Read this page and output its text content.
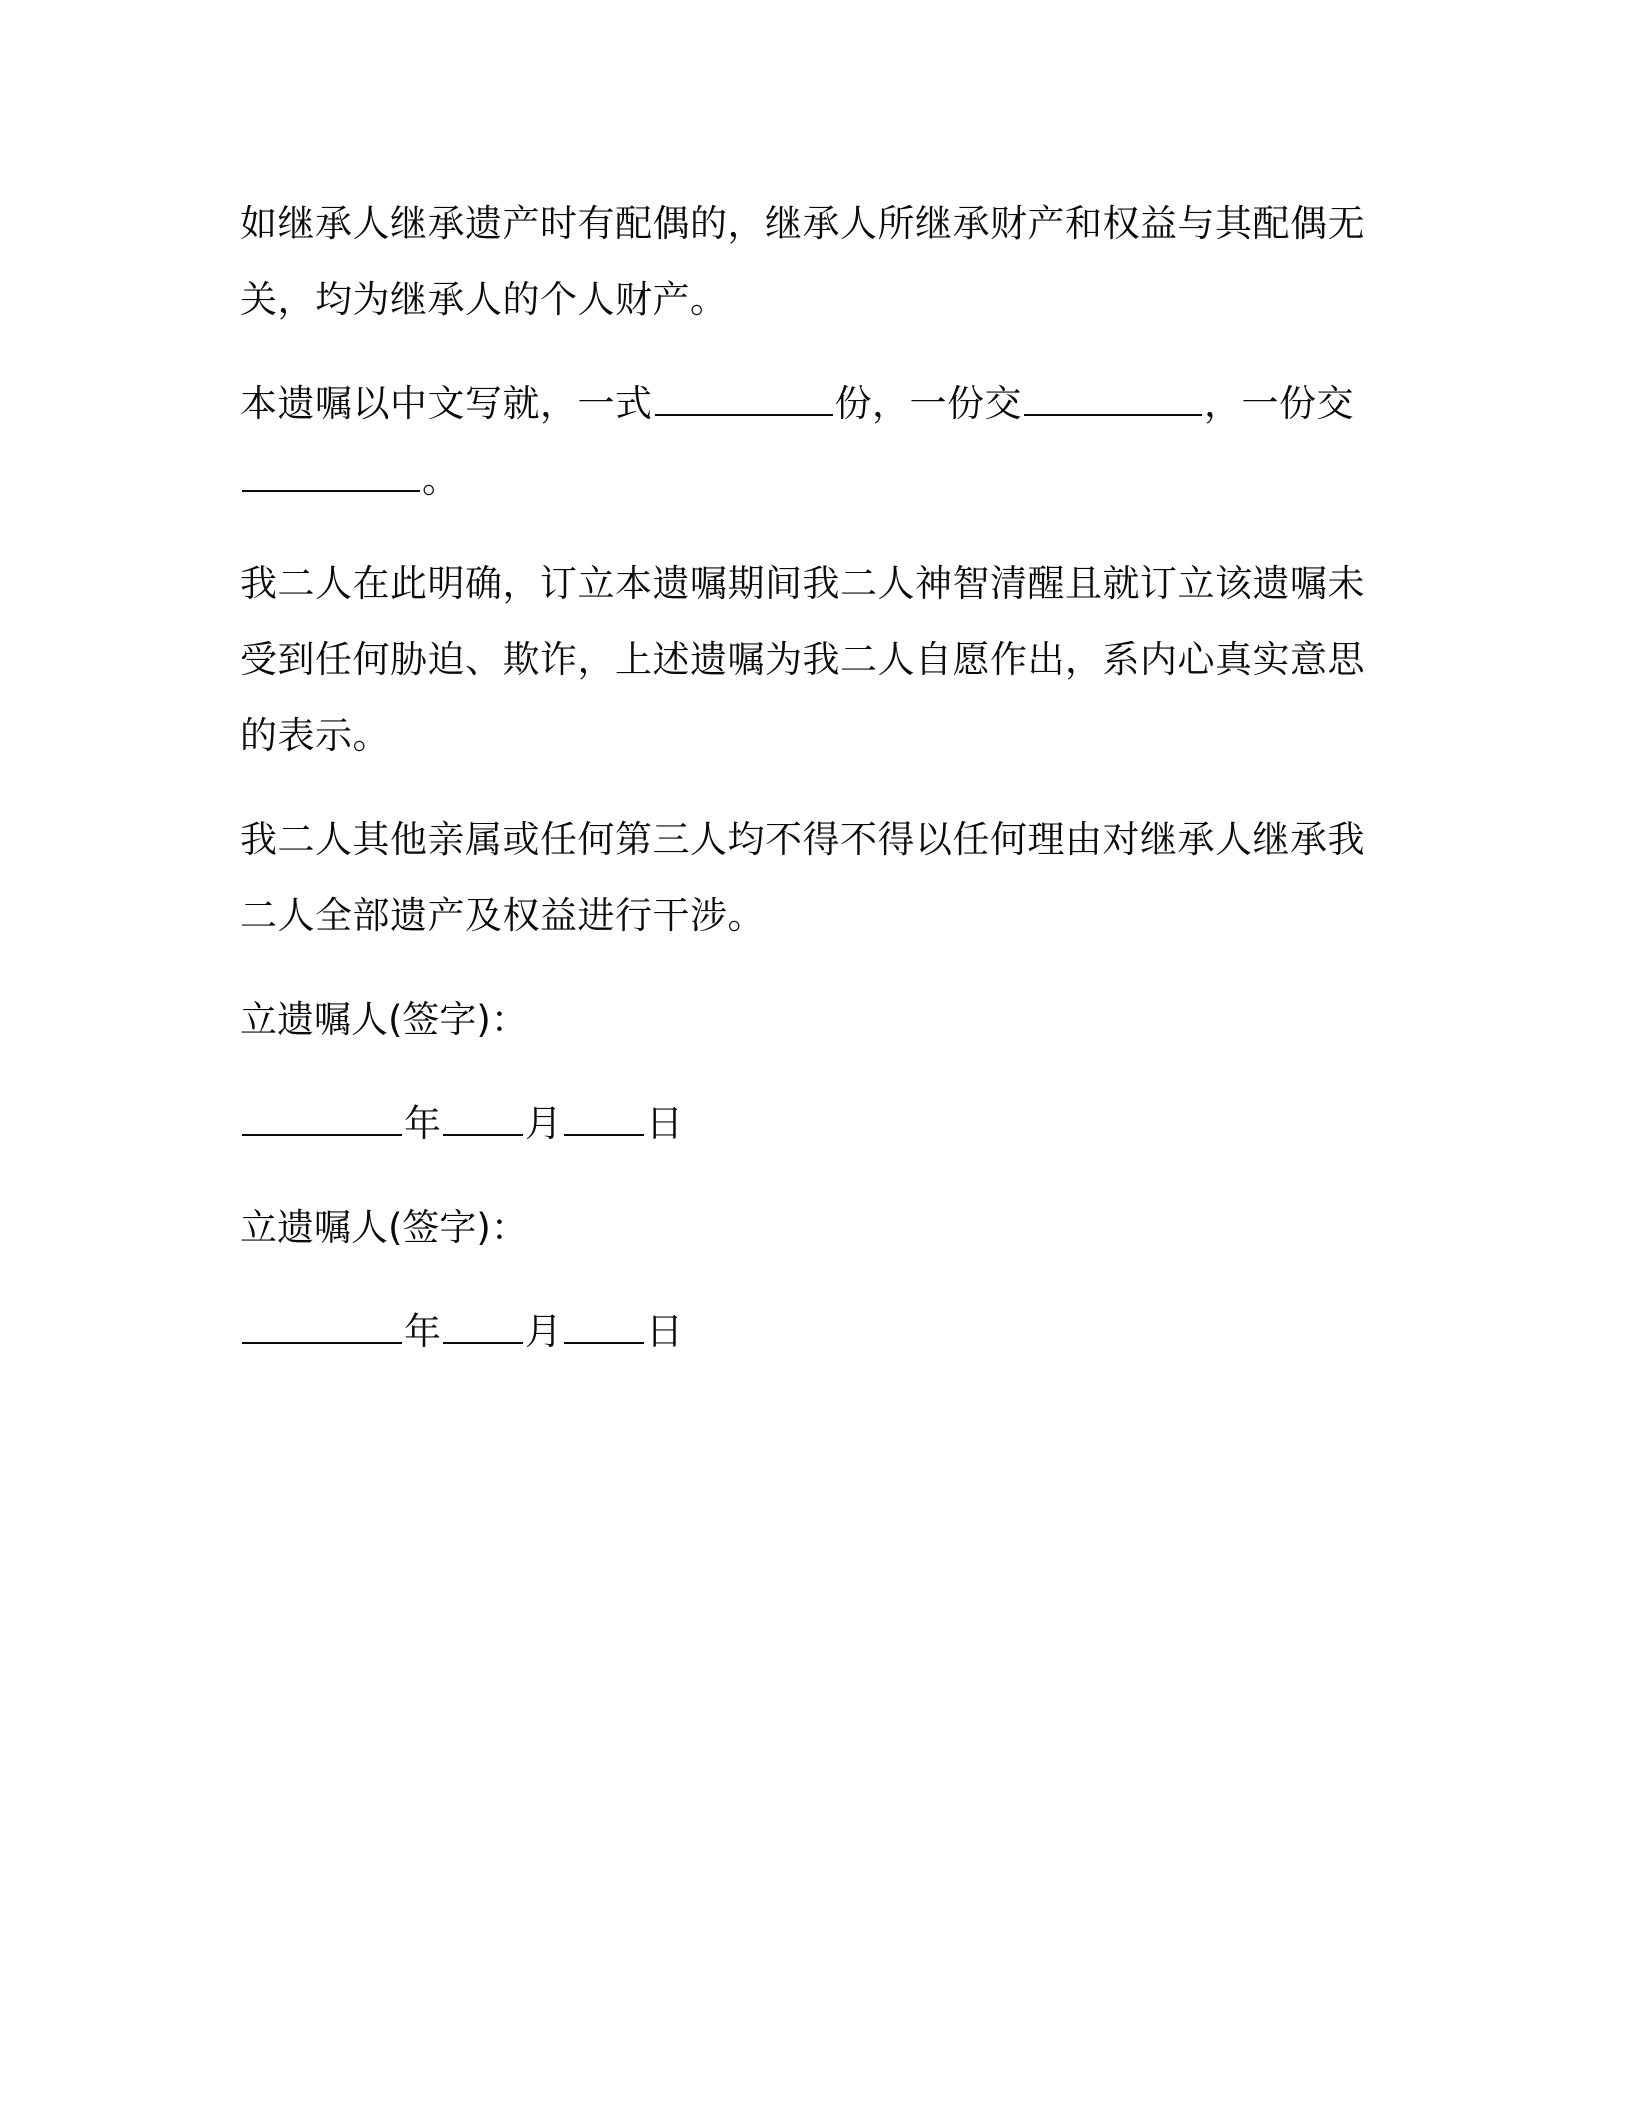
如继承人继承遗产时有配偶的，继承人所继承财产和权益与其配偶无
关，均为继承人的个人财产。
本遗嘱以中文写就，一式	份，一份交	，一份交
。
我二人在此明确，订立本遗嘱期间我二人神智清醒且就订立该遗嘱未
受到任何胁迫、欺诈，上述遗嘱为我二人自愿作出，系内心真实意思
的表示。
我二人其他亲属或任何第三人均不得不得以任何理由对继承人继承我
二人全部遗产及权益进行干涉。
立遗嘱人(签字)：
年 月 日
立遗嘱人(签字)：
年 月 日
